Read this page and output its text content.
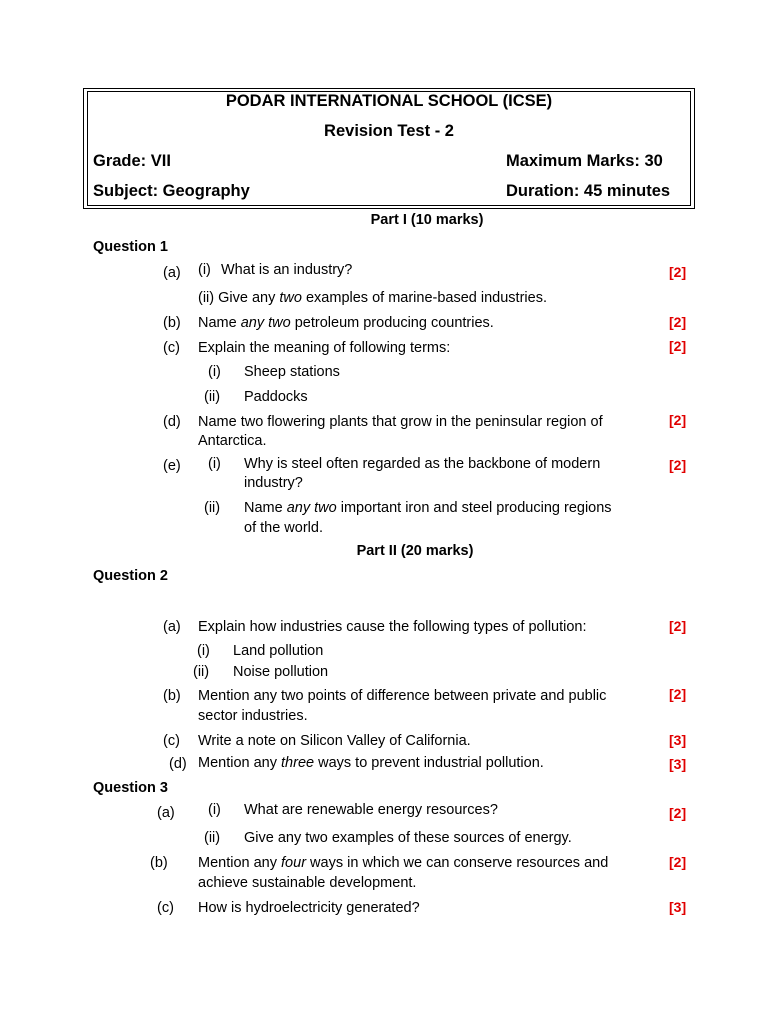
PODAR INTERNATIONAL SCHOOL (ICSE)
Revision Test - 2
Grade: VII	Maximum Marks: 30
Subject: Geography	Duration: 45 minutes
Part I (10 marks)
Question 1
(a) (i) What is an industry?	[2]
(ii) Give any two examples of marine-based industries.
(b) Name any two petroleum producing countries.	[2]
(c) Explain the meaning of following terms:	[2]
(i) Sheep stations
(ii) Paddocks
(d) Name two flowering plants that grow in the peninsular region of
Antarctica.
[2]
(e) (i) Why is steel often regarded as the backbone of modern
industry?
[2]
(ii) Name any two important iron and steel producing regions
of the world.
Part II (20 marks)
Question 2
(a) Explain how industries cause the following types of pollution:	[2]
(i) Land pollution
(ii) Noise pollution
(b) Mention any two points of difference between private and public
sector industries.
[2]
(c) Write a note on Silicon Valley of California.	[3]
(d) Mention any three ways to prevent industrial pollution.	[3]
Question 3
(a) (i) What are renewable energy resources?	[2]
(ii) Give any two examples of these sources of energy.
(b) Mention any four ways in which we can conserve resources and
achieve sustainable development.
[2]
(c) How is hydroelectricity generated?	[3]
